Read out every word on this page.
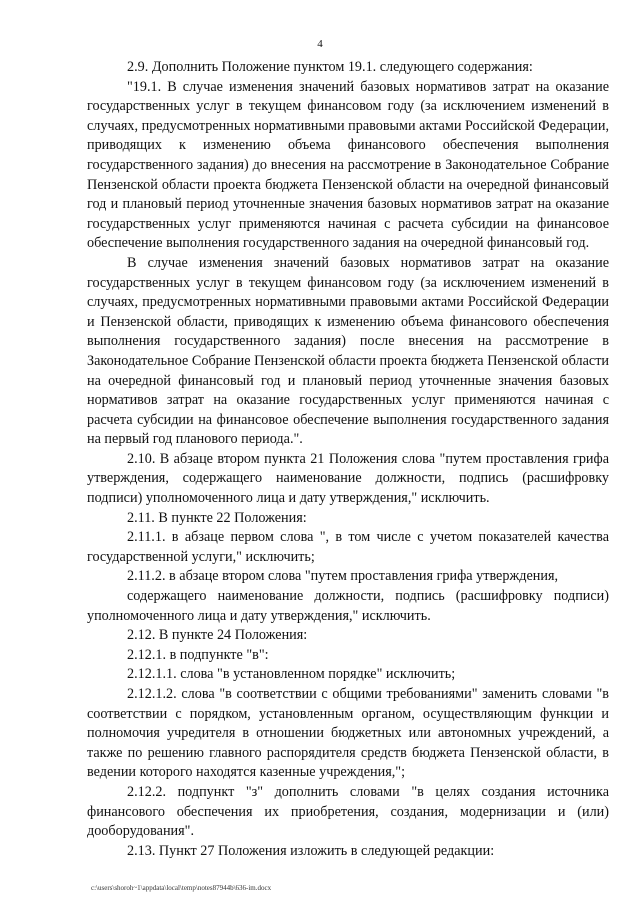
4

2.9. Дополнить Положение пунктом 19.1. следующего содержания:

"19.1. В случае изменения значений базовых нормативов затрат на оказание государственных услуг в текущем финансовом году (за исключением изменений в случаях, предусмотренных нормативными правовыми актами Российской Федерации, приводящих к изменению объема финансового обеспечения выполнения государственного задания) до внесения на рассмотрение в Законодательное Собрание Пензенской области проекта бюджета Пензенской области на очередной финансовый год и плановый период уточненные значения базовых нормативов затрат на оказание государственных услуг применяются начиная с расчета субсидии на финансовое обеспечение выполнения государственного задания на очередной финансовый год.

В случае изменения значений базовых нормативов затрат на оказание государственных услуг в текущем финансовом году (за исключением изменений в случаях, предусмотренных нормативными правовыми актами Российской Федерации и Пензенской области, приводящих к изменению объема финансового обеспечения выполнения государственного задания) после внесения на рассмотрение в Законодательное Собрание Пензенской области проекта бюджета Пензенской области на очередной финансовый год и плановый период уточненные значения базовых нормативов затрат на оказание государственных услуг применяются начиная с расчета субсидии на финансовое обеспечение выполнения государственного задания на первый год планового периода.".

2.10. В абзаце втором пункта 21 Положения слова "путем проставления грифа утверждения, содержащего наименование должности, подпись (расшифровку подписи) уполномоченного лица и дату утверждения," исключить.

2.11. В пункте 22 Положения:

2.11.1. в абзаце первом слова ", в том числе с учетом показателей качества государственной услуги," исключить;

2.11.2. в абзаце втором слова "путем проставления грифа утверждения,

содержащего наименование должности, подпись (расшифровку подписи) уполномоченного лица и дату утверждения," исключить.

2.12. В пункте 24 Положения:

2.12.1. в подпункте "в":

2.12.1.1. слова "в установленном порядке" исключить;

2.12.1.2. слова "в соответствии с общими требованиями" заменить словами "в соответствии с порядком, установленным органом, осуществляющим функции и полномочия учредителя в отношении бюджетных или автономных учреждений, а также по решению главного распорядителя средств бюджета Пензенской области, в ведении которого находятся казенные учреждения,";

2.12.2. подпункт "з" дополнить словами "в целях создания источника финансового обеспечения их приобретения, создания, модернизации и (или) дооборудования".

2.13. Пункт 27 Положения изложить в следующей редакции:

c:\users\shoroh~1\appdata\local\temp\notes87944b\636-im.docx
